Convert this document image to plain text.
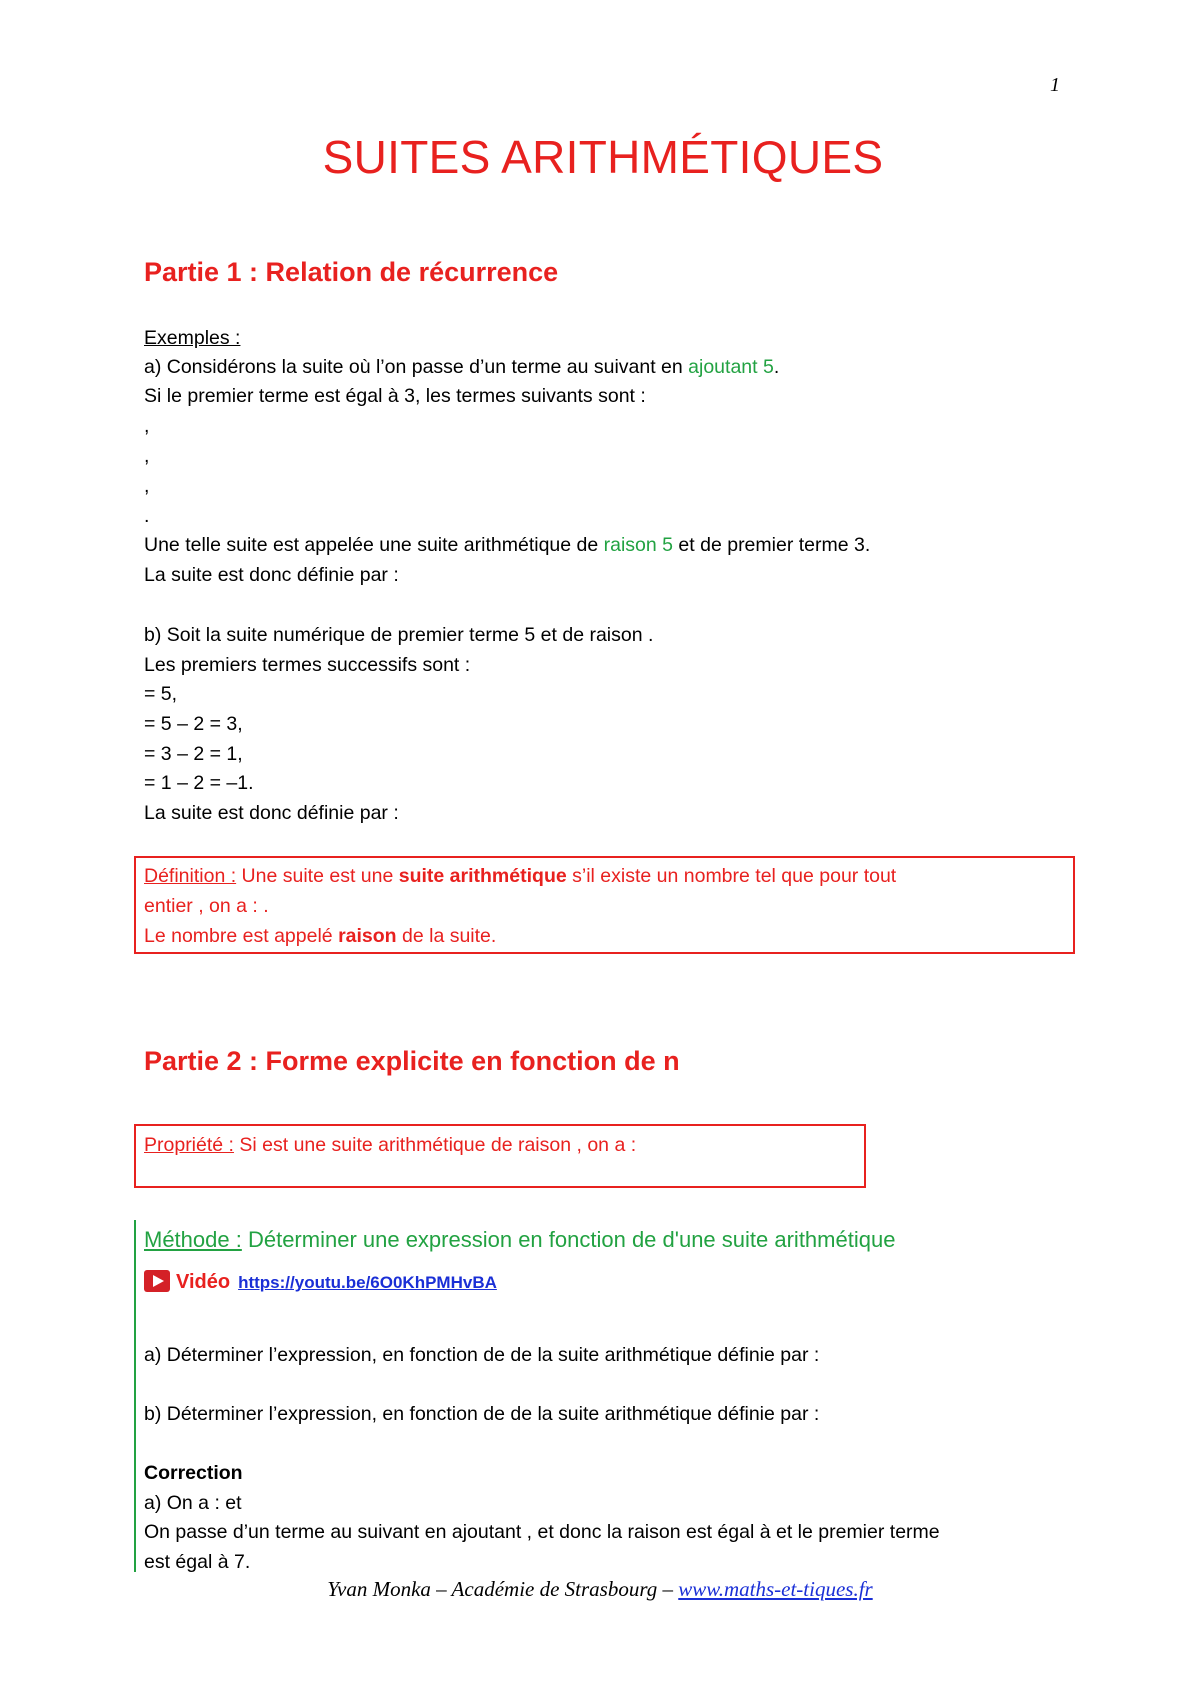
1
SUITES ARITHMÉTIQUES
Partie 1 : Relation de récurrence
Exemples :
a) Considérons la suite où l’on passe d’un terme au suivant en ajoutant 5.
Si le premier terme est égal à 3, les termes suivants sont :
,
,
,
.
Une telle suite est appelée une suite arithmétique de raison 5 et de premier terme 3.
La suite est donc définie par :
b) Soit la suite numérique de premier terme 5 et de raison .
Les premiers termes successifs sont :
= 5,
= 5 – 2 = 3,
= 3 – 2 = 1,
= 1 – 2 = –1.
La suite est donc définie par :
Définition : Une suite est une suite arithmétique s’il existe un nombre tel que pour tout
entier , on a : .
Le nombre est appelé raison de la suite.
Partie 2 : Forme explicite en fonction de n
Propriété : Si est une suite arithmétique de raison , on a :
Méthode : Déterminer une expression en fonction de d'une suite arithmétique
Vidéo https://youtu.be/6O0KhPMHvBA
a) Déterminer l’expression, en fonction de de la suite arithmétique définie par :
b) Déterminer l’expression, en fonction de de la suite arithmétique définie par :
Correction
a) On a : et
On passe d’un terme au suivant en ajoutant , et donc la raison est égal à et le premier terme
est égal à 7.
Yvan Monka – Académie de Strasbourg – www.maths-et-tiques.fr
